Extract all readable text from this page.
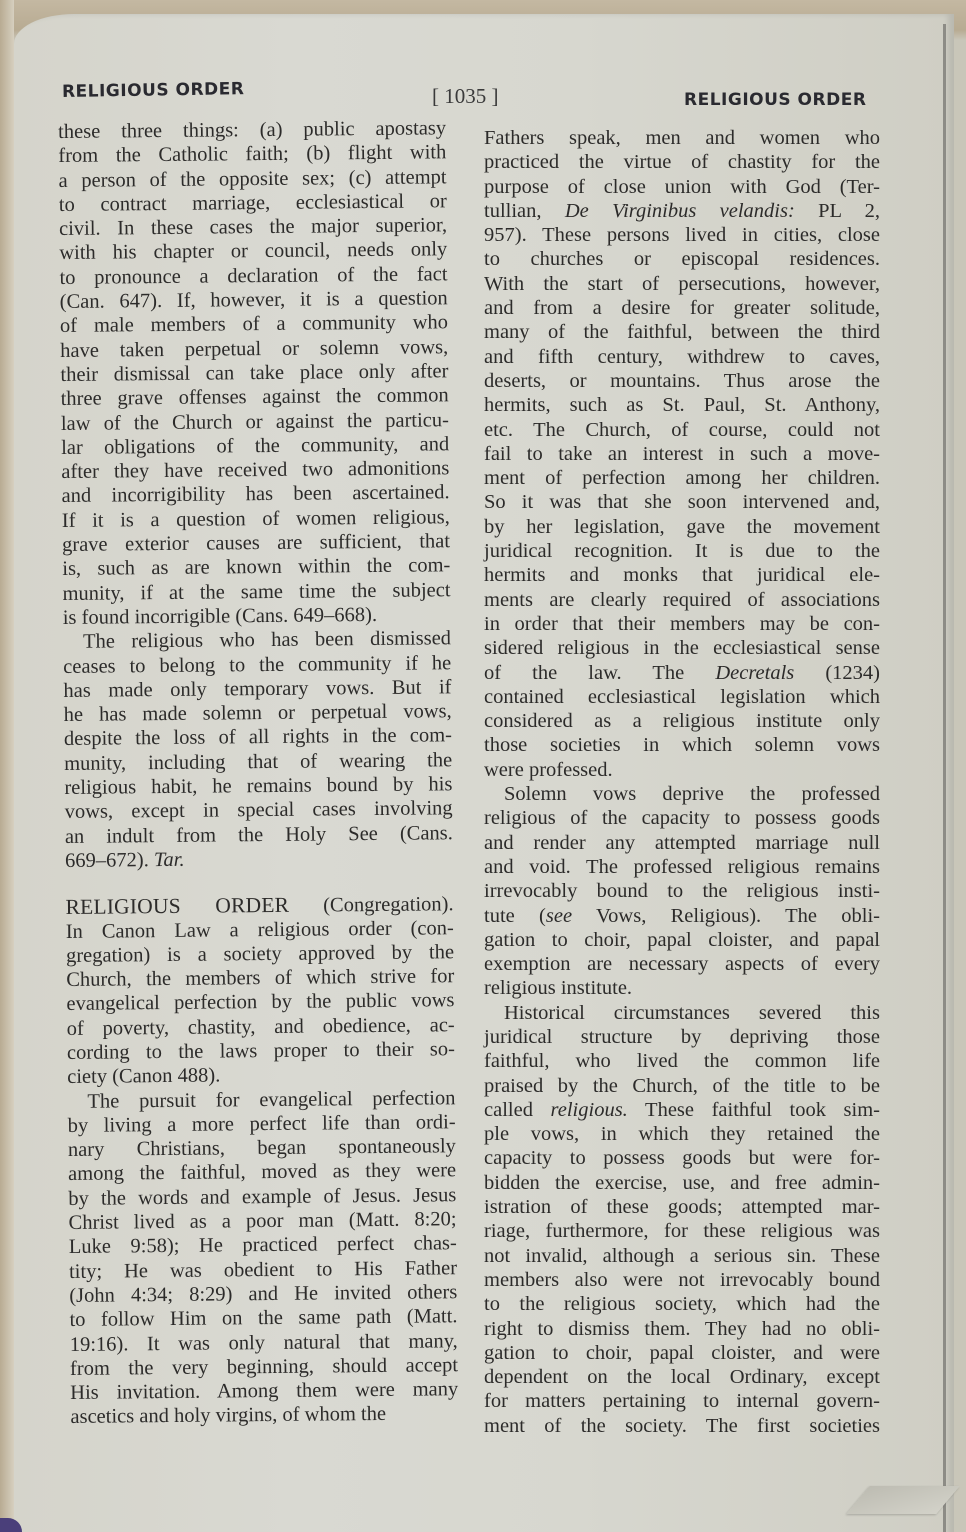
RELIGIOUS ORDER	[ 1035 ]	RELIGIOUS ORDER
these three things: (a) public apostasy
from the Catholic faith; (b) flight with
a person of the opposite sex; (c) attempt
to contract marriage, ecclesiastical or
civil. In these cases the major superior,
with his chapter or council, needs only
to pronounce a declaration of the fact
(Can. 647). If, however, it is a question
of male members of a community who
have taken perpetual or solemn vows,
their dismissal can take place only after
three grave offenses against the common
law of the Church or against the particu-
lar obligations of the community, and
after they have received two admonitions
and incorrigibility has been ascertained.
If it is a question of women religious,
grave exterior causes are sufficient, that
is, such as are known within the com-
munity, if at the same time the subject
is found incorrigible (Cans. 649–668).
The religious who has been dismissed
ceases to belong to the community if he
has made only temporary vows. But if
he has made solemn or perpetual vows,
despite the loss of all rights in the com-
munity, including that of wearing the
religious habit, he remains bound by his
vows, except in special cases involving
an indult from the Holy See (Cans.
669–672). Tar.
RELIGIOUS ORDER (Congregation).
In Canon Law a religious order (con-
gregation) is a society approved by the
Church, the members of which strive for
evangelical perfection by the public vows
of poverty, chastity, and obedience, ac-
cording to the laws proper to their so-
ciety (Canon 488).
The pursuit for evangelical perfection
by living a more perfect life than ordi-
nary Christians, began spontaneously
among the faithful, moved as they were
by the words and example of Jesus. Jesus
Christ lived as a poor man (Matt. 8:20;
Luke 9:58); He practiced perfect chas-
tity; He was obedient to His Father
(John 4:34; 8:29) and He invited others
to follow Him on the same path (Matt.
19:16). It was only natural that many,
from the very beginning, should accept
His invitation. Among them were many
ascetics and holy virgins, of whom the
Fathers speak, men and women who
practiced the virtue of chastity for the
purpose of close union with God (Ter-
tullian, De Virginibus velandis: PL 2,
957). These persons lived in cities, close
to churches or episcopal residences.
With the start of persecutions, however,
and from a desire for greater solitude,
many of the faithful, between the third
and fifth century, withdrew to caves,
deserts, or mountains. Thus arose the
hermits, such as St. Paul, St. Anthony,
etc. The Church, of course, could not
fail to take an interest in such a move-
ment of perfection among her children.
So it was that she soon intervened and,
by her legislation, gave the movement
juridical recognition. It is due to the
hermits and monks that juridical ele-
ments are clearly required of associations
in order that their members may be con-
sidered religious in the ecclesiastical sense
of the law. The Decretals (1234)
contained ecclesiastical legislation which
considered as a religious institute only
those societies in which solemn vows
were professed.
Solemn vows deprive the professed
religious of the capacity to possess goods
and render any attempted marriage null
and void. The professed religious remains
irrevocably bound to the religious insti-
tute (see Vows, Religious). The obli-
gation to choir, papal cloister, and papal
exemption are necessary aspects of every
religious institute.
Historical circumstances severed this
juridical structure by depriving those
faithful, who lived the common life
praised by the Church, of the title to be
called religious. These faithful took sim-
ple vows, in which they retained the
capacity to possess goods but were for-
bidden the exercise, use, and free admin-
istration of these goods; attempted mar-
riage, furthermore, for these religious was
not invalid, although a serious sin. These
members also were not irrevocably bound
to the religious society, which had the
right to dismiss them. They had no obli-
gation to choir, papal cloister, and were
dependent on the local Ordinary, except
for matters pertaining to internal govern-
ment of the society. The first societies
